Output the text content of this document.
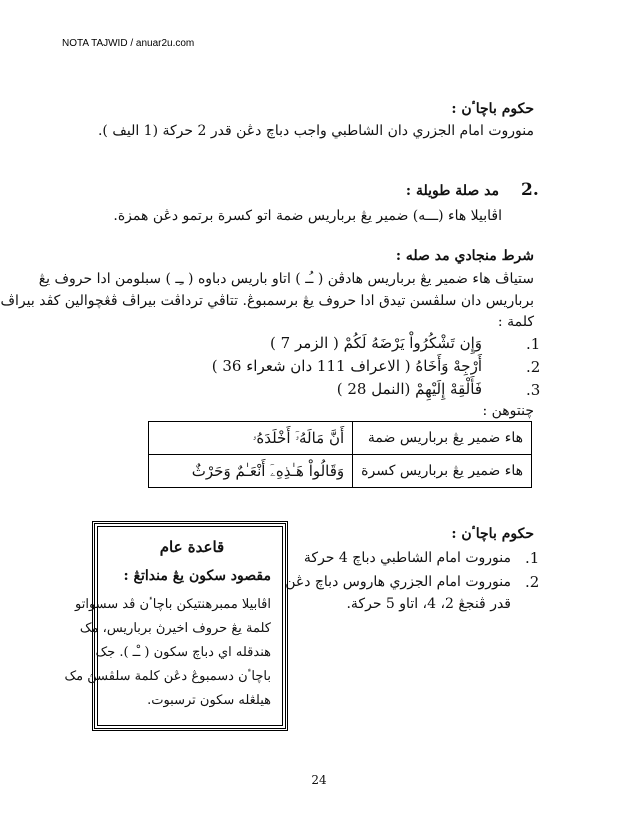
NOTA TAJWID / anuar2u.com
حکوم باچاٴن :
منوروت امام الجزري دان الشاطبي واجب دباچ دڠن قدر 2 حرکة (1 اليف ).
2.
مد صلة طويلة :
اڤابيلا هاء (ـــه) ضمير يڠ برباريس ضمة اتو کسرة برتمو دڠن همزة.
شرط منجادي مد صله :
ستياڤ هاء ضمير يڠ برباريس هادڤن ( ـُـ ) اتاو باريس دباوه ( ـِـ ) سبلومن ادا حروف يڠ
برباريس دان سلڤسن تيدق ادا حروف يڠ برسمبوڠ. تتاڤي ترداڤت بيراڤ ڤڠچوالين کڤد بيراڤ
کلمة :
.1
وَإِن تَشْكُرُواْ يَرْضَهُ لَكُمْ ( الزمر 7 )
.2
أَرْجِهْ وَأَخَاهُ ( الاعراف 111 دان شعراء 36 )
.3
فَأَلْقِهْ إِلَيْهِمْ (النمل 28 )
چنتوهن :
هاء ضمير يڠ برباريس ضمة	أَنَّ مَالَهُۥٓ أَخْلَدَهُۥ
هاء ضمير يڠ برباريس کسرة	وَقَالُواْ هَـٰذِهِۦٓ أَنْعَـٰمٌ وَحَرْثٌ
حکوم باچاٴن :
.1
منوروت امام الشاطبي دباچ 4 حرکة
.2
منوروت امام الجزري هاروس دباچ دڠن
قدر ڤنجڠ 2، 4، اتاو 5 حرکة.
قاعدة عام
مقصود سکون يڠ منداتڠ :
اڤابيلا ممبرهنتيکن باچاٴن ڤد سسواتو
کلمة يڠ حروف اخيرڽ برباريس، مک
هندقله اي دباچ سکون ( ـْـ ). جک
باچاٴن دسمبوڠ دڠن کلمة سلڤسڽ مک
هيلڠله سکون ترسبوت.
24
